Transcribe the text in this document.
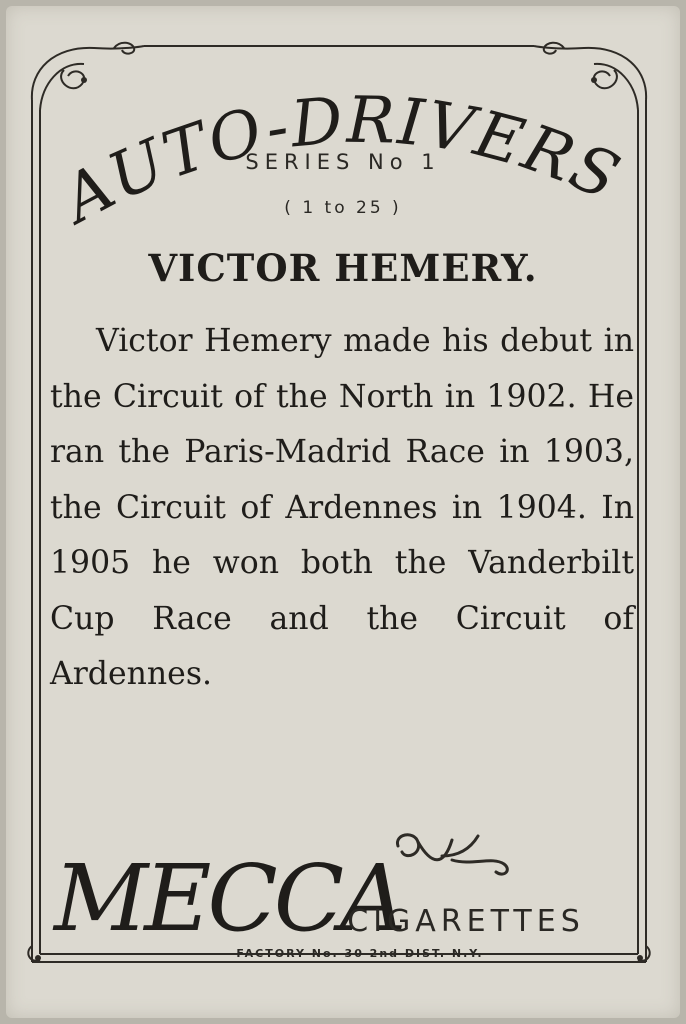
AUTO-DRIVERS
SERIES No 1
( 1 to 25 )
VICTOR HEMERY.
Victor Hemery made his debut in the Circuit of the North in 1902. He ran the Paris-Madrid Race in 1903, the Circuit of Ardennes in 1904. In 1905 he won both the Vanderbilt Cup Race and the Circuit of Ardennes.
MECCA
CIGARETTES
FACTORY No. 30 2nd DIST. N.Y.
